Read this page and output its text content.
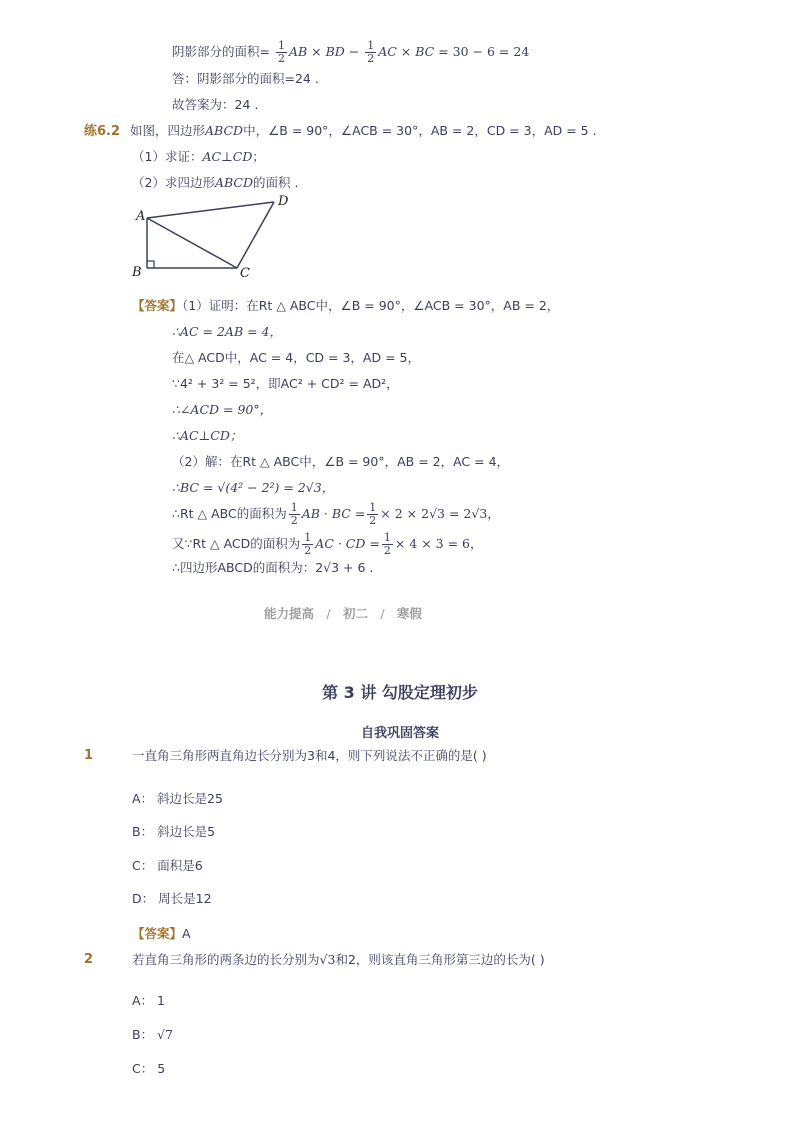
阴影部分的面积= $\frac{1}{2}$ AB × BD − $\frac{1}{2}$ AC × BC = 30 − 6 = 24
答：阴影部分的面积=24 .
故答案为：24 .
练6.2 如图，四边形ABCD中，∠B = 90°，∠ACB = 30°，AB = 2，CD = 3，AD = 5 .
（1）求证：AC⊥CD；
（2）求四边形ABCD的面积 .
A
B	C
D
【答案】（1）证明：在Rt △ ABC中，∠B = 90°，∠ACB = 30°，AB = 2，
∴AC = 2AB = 4，
在△ ACD中，AC = 4，CD = 3，AD = 5，
∵4² + 3² = 5²，即AC² + CD² = AD²，
∴∠ACD = 90°，
∴AC⊥CD；
（2）解：在Rt △ ABC中，∠B = 90°，AB = 2，AC = 4，
∴BC = √(4² − 2²) = 2√3，
∴Rt △ ABC的面积为 $\frac{1}{2}$ AB · BC = $\frac{1}{2} \times 2 \times 2√3 = 2√3$，
又∵Rt △ ACD的面积为 $\frac{1}{2}$ AC · CD = $\frac{1}{2} \times 4 \times 3 = 6$，
∴四边形ABCD的面积为：2√3 + 6 .
能力提高 / 初二 / 寒假
第 3 讲 勾股定理初步
自我巩固答案
1	一直角三角形两直角边长分别为3和4，则下列说法不正确的是( )
A： 斜边长是25
B： 斜边长是5
C： 面积是6
D： 周长是12
【答案】A
2	若直角三角形的两条边的长分别为√3和2，则该直角三角形第三边的长为( )
A： 1
B： √7
C： 5
